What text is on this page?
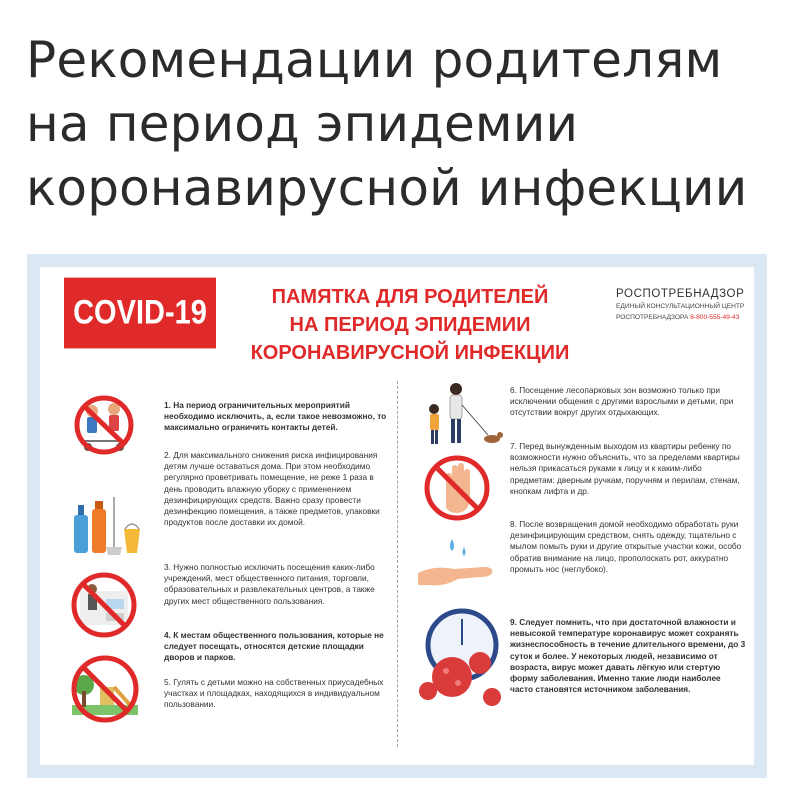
Рекомендации родителям
на период эпидемии
коронавирусной инфекции
COVID-19	ПАМЯТКА ДЛЯ РОДИТЕЛЕЙ
НА ПЕРИОД ЭПИДЕМИИ
КОРОНАВИРУСНОЙ ИНФЕКЦИИ
РОСПОТРЕБНАДЗОР
ЕДИНЫЙ КОНСУЛЬТАЦИОННЫЙ ЦЕНТР
РОСПОТРЕБНАДЗОРА 8-800-555-49-43
1. На период ограничительных мероприятий необходимо исключить, а, если такое невозможно, то максимально ограничить контакты детей.
2. Для максимального снижения риска инфицирования детям лучше оставаться дома. При этом необходимо регулярно проветривать помещение, не реже 1 раза в день проводить влажную уборку с применением дезинфицирующих средств. Важно сразу провести дезинфекцию помещения, а также предметов, упаковки продуктов после доставки их домой.
3. Нужно полностью исключить посещения каких-либо учреждений, мест общественного питания, торговли, образовательных и развлекательных центров, а также других мест общественного пользования.
4. К местам общественного пользования, которые не следует посещать, относятся детские площадки дворов и парков.
5. Гулять с детьми можно на собственных приусадебных участках и площадках, находящихся в индивидуальном пользовании.
6. Посещение лесопарковых зон возможно только при исключении общения с другими взрослыми и детьми, при отсутствии вокруг других отдыхающих.
7. Перед вынужденным выходом из квартиры ребенку по возможности нужно объяснить, что за пределами квартиры нельзя прикасаться руками к лицу и к каким-либо предметам: дверным ручкам, поручням и перилам, стенам, кнопкам лифта и др.
8. После возвращения домой необходимо обработать руки дезинфицирующим средством, снять одежду, тщательно с мылом помыть руки и другие открытые участки кожи, особо обратив внимание на лицо, прополоскать рот, аккуратно промыть нос (неглубоко).
9. Следует помнить, что при достаточной влажности и невысокой температуре коронавирус может сохранять жизнеспособность в течение длительного времени, до 3 суток и более. У некоторых людей, независимо от возраста, вирус может давать лёгкую или стертую форму заболевания. Именно такие люди наиболее часто становятся источником заболевания.
